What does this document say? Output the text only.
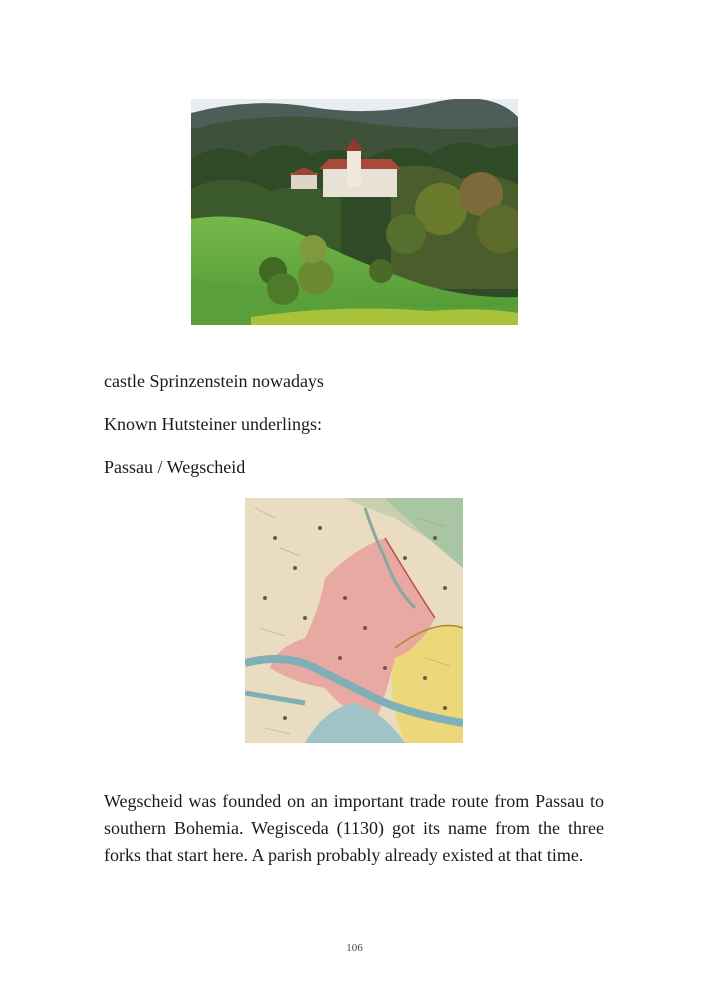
castle Sprinzenstein nowadays

Known Hutsteiner underlings:

Passau / Wegscheid

Wegscheid was founded on an important trade route from Passau to southern Bohemia. Wegisceda (1130) got its name from the three forks that start here. A parish probably already existed at that time.

106
